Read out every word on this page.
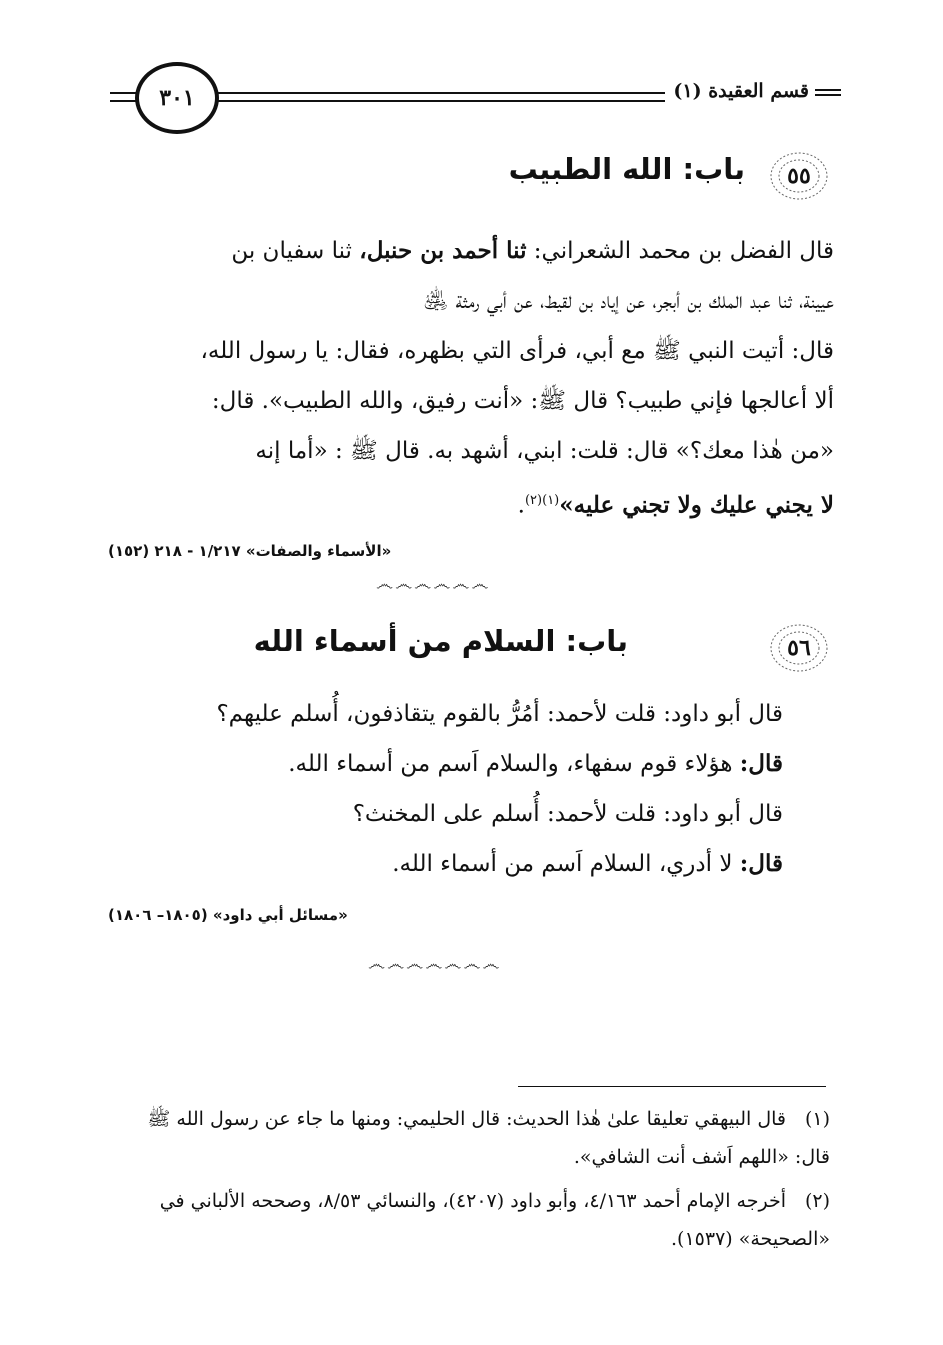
٣٠١	قسم العقيدة (١)
٥٥
باب: الله الطبيب
قال الفضل بن محمد الشعراني: ثنا أحمد بن حنبل، ثنا سفيان بن
عيينة، ثنا عبد الملك بن أبجر، عن إياد بن لقيط، عن أبي رمثة ﵁
قال: أتيت النبي ﷺ مع أبي، فرأى التي بظهره، فقال: يا رسول الله،
ألا أعالجها فإني طبيب؟ قال ﷺ: «أنت رفيق، والله الطبيب». قال:
«من هٰذا معك؟» قال: قلت: ابني، أشهد به. قال ﷺ : «أما إنه
لا يجني عليك ولا تجني عليه»$^{(١)(٢)}$.
«الأسماء والصفات» ١/٢١٧ - ٢١٨ (١٥٢)
෴෴෴෴෴෴
٥٦
باب: السلام من أسماء الله
قال أبو داود: قلت لأحمد: أمُرُّ بالقوم يتقاذفون، أُسلم عليهم؟
قال: هؤلاء قوم سفهاء، والسلام اَسم من أسماء الله.
قال أبو داود: قلت لأحمد: أُسلم على المخنث؟
قال: لا أدري، السلام اَسم من أسماء الله.
«مسائل أبي داود» (١٨٠٥– ١٨٠٦)
෴෴෴෴෴෴෴
(١)قال البيهقي تعليقا علىٰ هٰذا الحديث: قال الحليمي: ومنها ما جاء عن رسول الله ﷺ قال: «اللهم اَشف أنت الشافي».
(٢)أخرجه الإمام أحمد ٤/١٦٣، وأبو داود (٤٢٠٧)، والنسائي ٨/٥٣، وصححه الألباني في «الصحيحة» (١٥٣٧).
